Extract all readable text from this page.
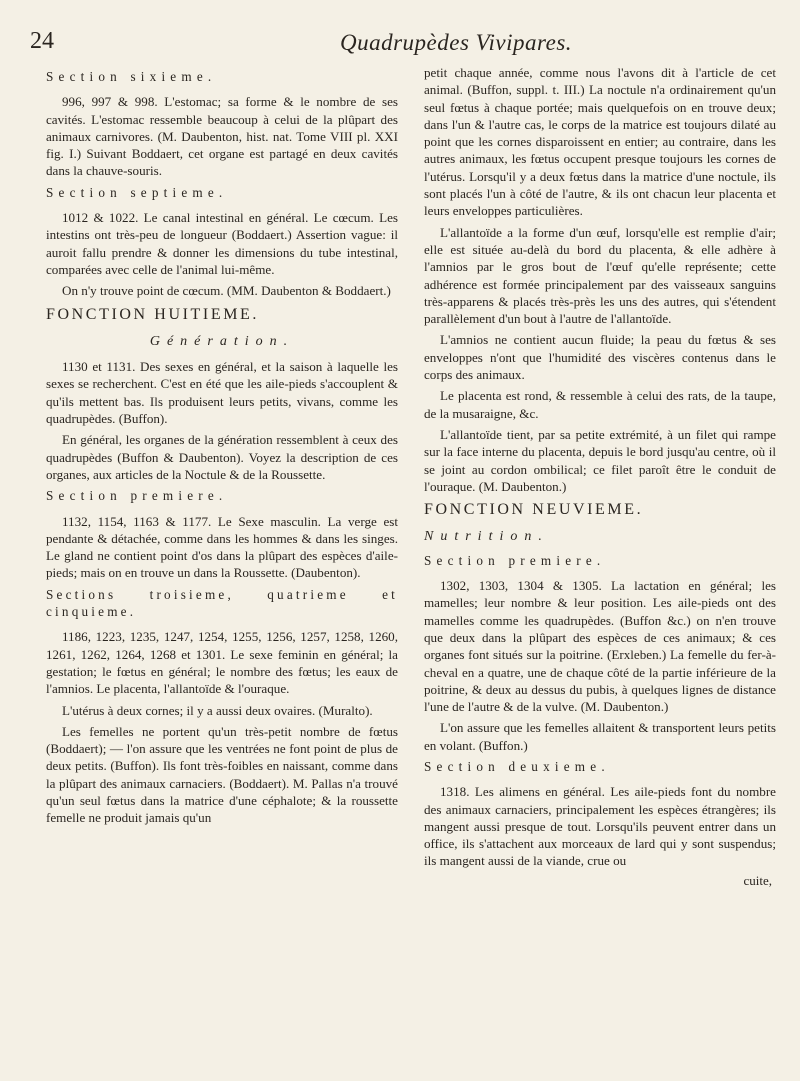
24	Quadrupèdes Vivipares.
Section sixieme.

996, 997 & 998. L'estomac; sa forme & le nombre de ses cavités. L'estomac ressemble beaucoup à celui de la plûpart des animaux carnivores. (M. Daubenton, hist. nat. Tome VIII pl. XXI fig. I.) Suivant Boddaert, cet organe est partagé en deux cavités dans la chauve-souris.

Section septieme.

1012 & 1022. Le canal intestinal en général. Le cœcum. Les intestins ont très-peu de longueur (Boddaert.) Assertion vague: il auroit fallu prendre & donner les dimensions du tube intestinal, comparées avec celle de l'animal lui-même.

On n'y trouve point de cœcum. (MM. Daubenton & Boddaert.)

FONCTION HUITIEME.
Génération.

1130 et 1131. Des sexes en général, et la saison à laquelle les sexes se recherchent. C'est en été que les aile-pieds s'accouplent & qu'ils mettent bas. Ils produisent leurs petits, vivans, comme les quadrupèdes. (Buffon).

En général, les organes de la génération ressemblent à ceux des quadrupèdes (Buffon & Daubenton). Voyez la description de ces organes, aux articles de la Noctule & de la Roussette.

Section premiere.

1132, 1154, 1163 & 1177. Le Sexe masculin. La verge est pendante & détachée, comme dans les hommes & dans les singes. Le gland ne contient point d'os dans la plûpart des espèces d'aile-pieds; mais on en trouve un dans la Roussette. (Daubenton).

Sections troisieme, quatrieme et cinquieme.

1186, 1223, 1235, 1247, 1254, 1255, 1256, 1257, 1258, 1260, 1261, 1262, 1264, 1268 et 1301. Le sexe feminin en général; la gestation; le fœtus en général; le nombre des fœtus; les eaux de l'amnios. Le placenta, l'allantoïde & l'ouraque.

L'utérus à deux cornes; il y a aussi deux ovaires. (Muralto).

Les femelles ne portent qu'un très-petit nombre de fœtus (Boddaert); — l'on assure que les ventrées ne font point de plus de deux petits. (Buffon). Ils font très-foibles en naissant, comme dans la plûpart des animaux carnaciers. (Boddaert). M. Pallas n'a trouvé qu'un seul fœtus dans la matrice d'une céphalote; & la roussette femelle ne produit jamais qu'un

petit chaque année, comme nous l'avons dit à l'article de cet animal. (Buffon, suppl. t. III.) La noctule n'a ordinairement qu'un seul fœtus à chaque portée; mais quelquefois on en trouve deux; dans l'un & l'autre cas, le corps de la matrice est toujours dilaté au point que les cornes disparoissent en entier; au contraire, dans les autres animaux, les fœtus occupent presque toujours les cornes de l'utérus. Lorsqu'il y a deux fœtus dans la matrice d'une noctule, ils sont placés l'un à côté de l'autre, & ils ont chacun leur placenta et leurs enveloppes particulières.

L'allantoïde a la forme d'un œuf, lorsqu'elle est remplie d'air; elle est située au-delà du bord du placenta, & elle adhère à l'amnios par le gros bout de l'œuf qu'elle représente; cette adhérence est formée principalement par des vaisseaux sanguins très-apparens & placés très-près les uns des autres, qui s'étendent parallèlement d'un bout à l'autre de l'allantoïde.

L'amnios ne contient aucun fluide; la peau du fœtus & ses enveloppes n'ont que l'humidité des viscères contenus dans le corps des animaux.

Le placenta est rond, & ressemble à celui des rats, de la taupe, de la musaraigne, &c.

L'allantoïde tient, par sa petite extrémité, à un filet qui rampe sur la face interne du placenta, depuis le bord jusqu'au centre, où il se joint au cordon ombilical; ce filet paroît être le conduit de l'ouraque. (M. Daubenton.)

FONCTION NEUVIEME.
Nutrition.
Section premiere.

1302, 1303, 1304 & 1305. La lactation en général; les mamelles; leur nombre & leur position. Les aile-pieds ont des mamelles comme les quadrupèdes. (Buffon &c.) on n'en trouve que deux dans la plûpart des espèces de ces animaux; & ces organes font situés sur la poitrine. (Erxleben.) La femelle du fer-à-cheval en a quatre, une de chaque côté de la partie inférieure de la poitrine, & deux au dessus du pubis, à quelques lignes de distance l'une de l'autre & de la vulve. (M. Daubenton.)

L'on assure que les femelles allaitent & transportent leurs petits en volant. (Buffon.)

Section deuxieme.

1318. Les alimens en général. Les aile-pieds font du nombre des animaux carnaciers, principalement les espèces étrangères; ils mangent aussi presque de tout. Lorsqu'ils peuvent entrer dans un office, ils s'attachent aux morceaux de lard qui y sont suspendus; ils mangent aussi de la viande, crue ou

cuite,
